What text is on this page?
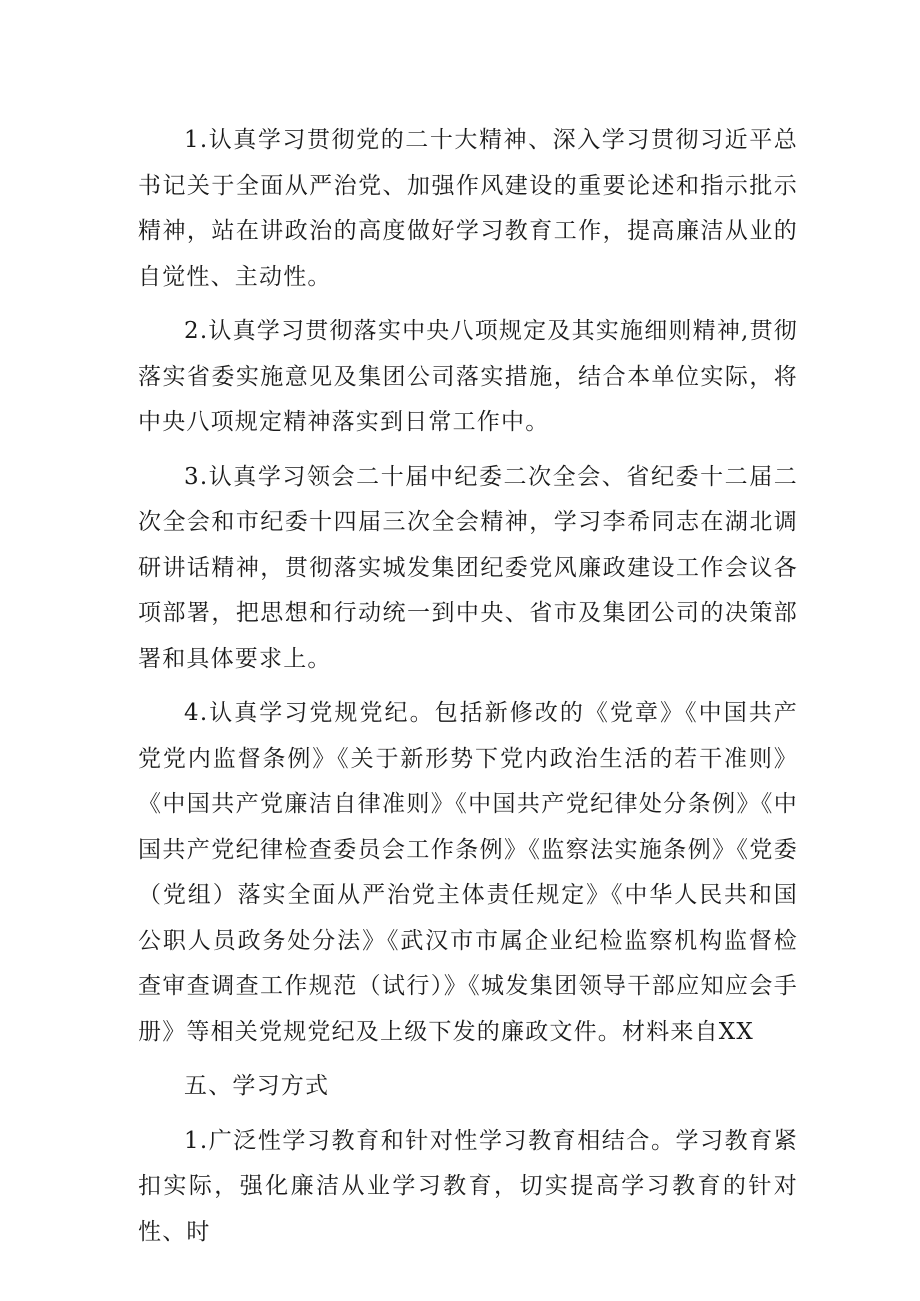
1.认真学习贯彻党的二十大精神、深入学习贯彻习近平总书记关于全面从严治党、加强作风建设的重要论述和指示批示精神，站在讲政治的高度做好学习教育工作，提高廉洁从业的自觉性、主动性。

2.认真学习贯彻落实中央八项规定及其实施细则精神,贯彻落实省委实施意见及集团公司落实措施，结合本单位实际，将中央八项规定精神落实到日常工作中。

3.认真学习领会二十届中纪委二次全会、省纪委十二届二次全会和市纪委十四届三次全会精神，学习李希同志在湖北调研讲话精神，贯彻落实城发集团纪委党风廉政建设工作会议各项部署，把思想和行动统一到中央、省市及集团公司的决策部署和具体要求上。

4.认真学习党规党纪。包括新修改的《党章》《中国共产党党内监督条例》《关于新形势下党内政治生活的若干准则》《中国共产党廉洁自律准则》《中国共产党纪律处分条例》《中国共产党纪律检查委员会工作条例》《监察法实施条例》《党委（党组）落实全面从严治党主体责任规定》《中华人民共和国公职人员政务处分法》《武汉市市属企业纪检监察机构监督检查审查调查工作规范（试行）》《城发集团领导干部应知应会手册》等相关党规党纪及上级下发的廉政文件。材料来自XX

五、学习方式

1.广泛性学习教育和针对性学习教育相结合。学习教育紧扣实际，强化廉洁从业学习教育，切实提高学习教育的针对性、时
